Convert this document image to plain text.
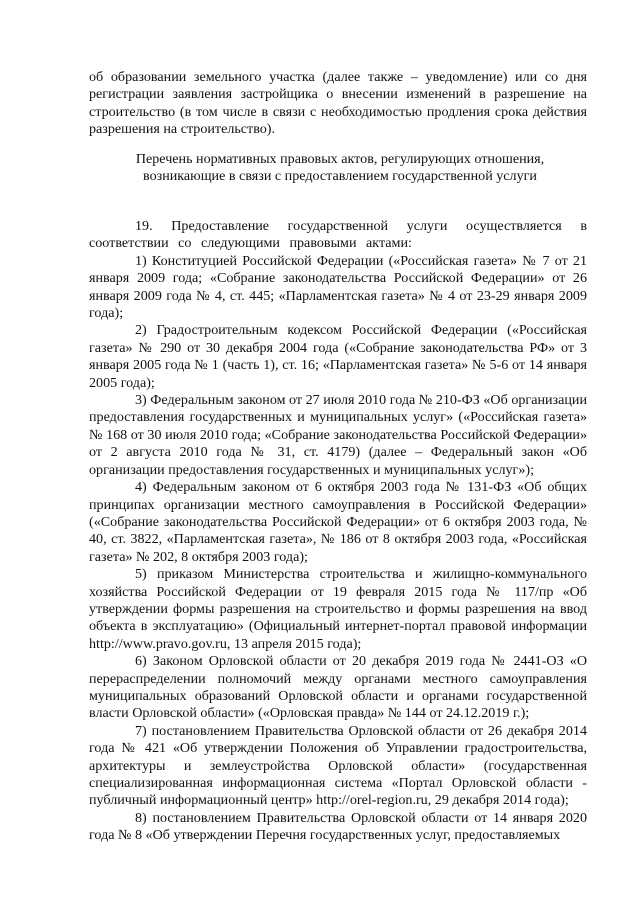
об образовании земельного участка (далее также – уведомление) или со дня регистрации заявления застройщика о внесении изменений в разрешение на строительство (в том числе в связи с необходимостью продления срока действия разрешения на строительство).

Перечень нормативных правовых актов, регулирующих отношения, возникающие в связи с предоставлением государственной услуги

19. Предоставление государственной услуги осуществляется в соответствии со следующими правовыми актами:

1) Конституцией Российской Федерации («Российская газета» № 7 от 21 января 2009 года; «Собрание законодательства Российской Федерации» от 26 января 2009 года № 4, ст. 445; «Парламентская газета» № 4 от 23-29 января 2009 года);

2) Градостроительным кодексом Российской Федерации («Российская газета» № 290 от 30 декабря 2004 года («Собрание законодательства РФ» от 3 января 2005 года № 1 (часть 1), ст. 16; «Парламентская газета» № 5-6 от 14 января 2005 года);

3) Федеральным законом от 27 июля 2010 года № 210-ФЗ «Об организации предоставления государственных и муниципальных услуг» («Российская газета» № 168 от 30 июля 2010 года; «Собрание законодательства Российской Федерации» от 2 августа 2010 года № 31, ст. 4179) (далее – Федеральный закон «Об организации предоставления государственных и муниципальных услуг»);

4) Федеральным законом от 6 октября 2003 года № 131-ФЗ «Об общих принципах организации местного самоуправления в Российской Федерации» («Собрание законодательства Российской Федерации» от 6 октября 2003 года, № 40, ст. 3822, «Парламентская газета», № 186 от 8 октября 2003 года, «Российская газета» № 202, 8 октября 2003 года);

5) приказом Министерства строительства и жилищно-коммунального хозяйства Российской Федерации от 19 февраля 2015 года № 117/пр «Об утверждении формы разрешения на строительство и формы разрешения на ввод объекта в эксплуатацию» (Официальный интернет-портал правовой информации http://www.pravo.gov.ru, 13 апреля 2015 года);

6) Законом Орловской области от 20 декабря 2019 года № 2441-ОЗ «О перераспределении полномочий между органами местного самоуправления муниципальных образований Орловской области и органами государственной власти Орловской области» («Орловская правда» № 144 от 24.12.2019 г.);

7) постановлением Правительства Орловской области от 26 декабря 2014 года № 421 «Об утверждении Положения об Управлении градостроительства, архитектуры и землеустройства Орловской области» (государственная специализированная информационная система «Портал Орловской области - публичный информационный центр» http://orel-region.ru, 29 декабря 2014 года);

8) постановлением Правительства Орловской области от 14 января 2020 года № 8 «Об утверждении Перечня государственных услуг, предоставляемых
